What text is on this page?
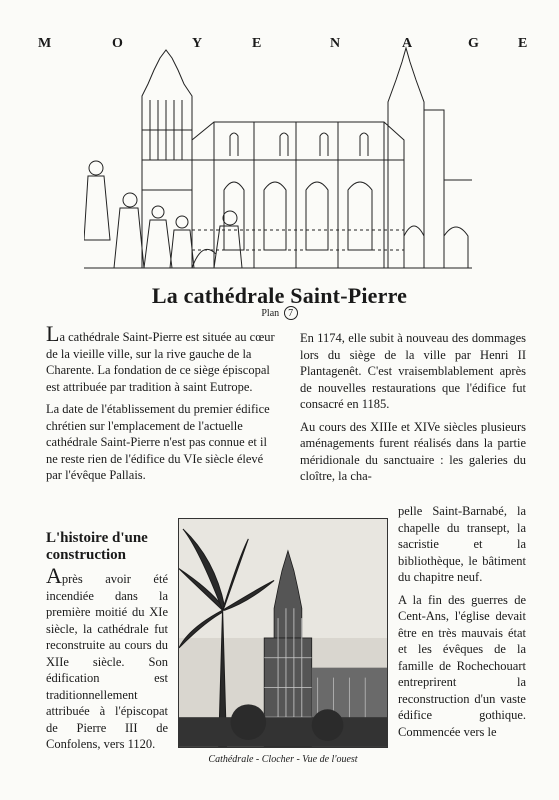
M	O	Y	E	N	A	G	E
La cathédrale Saint-Pierre
Plan 7

La cathédrale Saint-Pierre est située au cœur de la vieille ville, sur la rive gauche de la Charente. La fondation de ce siège épiscopal est attribuée par tradition à saint Eutrope.

La date de l'établissement du premier édifice chrétien sur l'emplacement de l'actuelle cathédrale Saint-Pierre n'est pas connue et il ne reste rien de l'édifice du VIe siècle élevé par l'évêque Pallais.

En 1174, elle subit à nouveau des dommages lors du siège de la ville par Henri II Plantagenêt. C'est vraisemblablement après de nouvelles restaurations que l'édifice fut consacré en 1185.

Au cours des XIIIe et XIVe siècles plusieurs aménagements furent réalisés dans la partie méridionale du sanctuaire : les galeries du cloître, la cha-

L'histoire d'une construction
Après avoir été incendiée dans la première moitié du XIe siècle, la cathédrale fut reconstruite au cours du XIIe siècle. Son édification est traditionnellement attribuée à l'épiscopat de Pierre III de Confolens, vers 1120.
Cathédrale - Clocher - Vue de l'ouest

pelle Saint-Barnabé, la chapelle du transept, la sacristie et la bibliothèque, le bâtiment du chapitre neuf.

A la fin des guerres de Cent-Ans, l'église devait être en très mauvais état et les évêques de la famille de Rochechouart entreprirent la reconstruction d'un vaste édifice gothique. Commencée vers le
